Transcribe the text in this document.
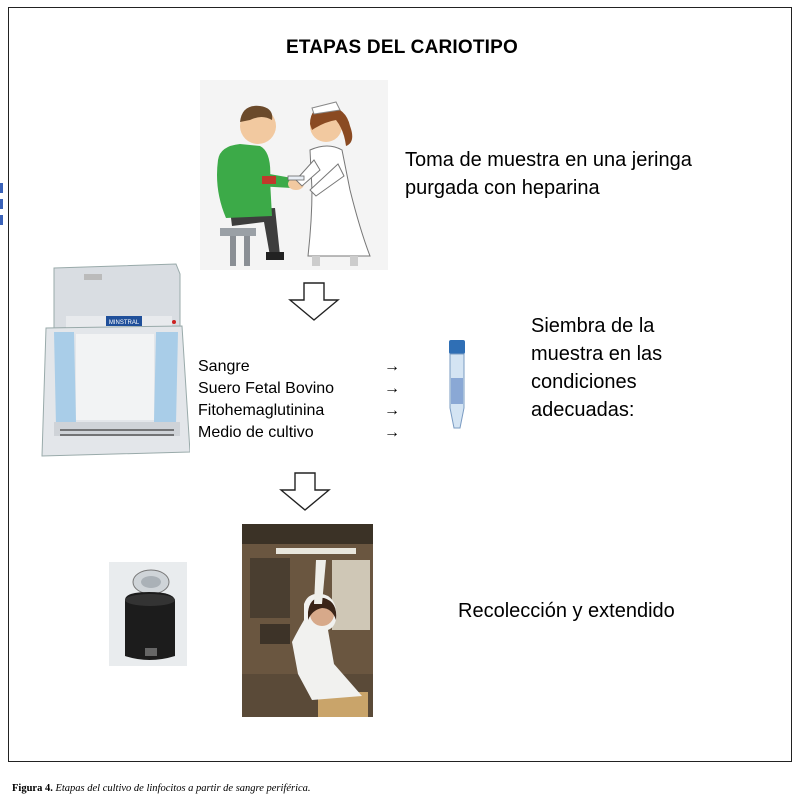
ETAPAS DEL CARIOTIPO
Toma de muestra en una jeringa
purgada con heparina
MINSTRAL
Sangre
Suero Fetal Bovino
Fitohemaglutinina
Medio de cultivo
→
→
→
→
Siembra de la
muestra en las
condiciones
adecuadas:
Recolección y extendido
Figura 4. Etapas del cultivo de linfocitos a partir de sangre periférica.
